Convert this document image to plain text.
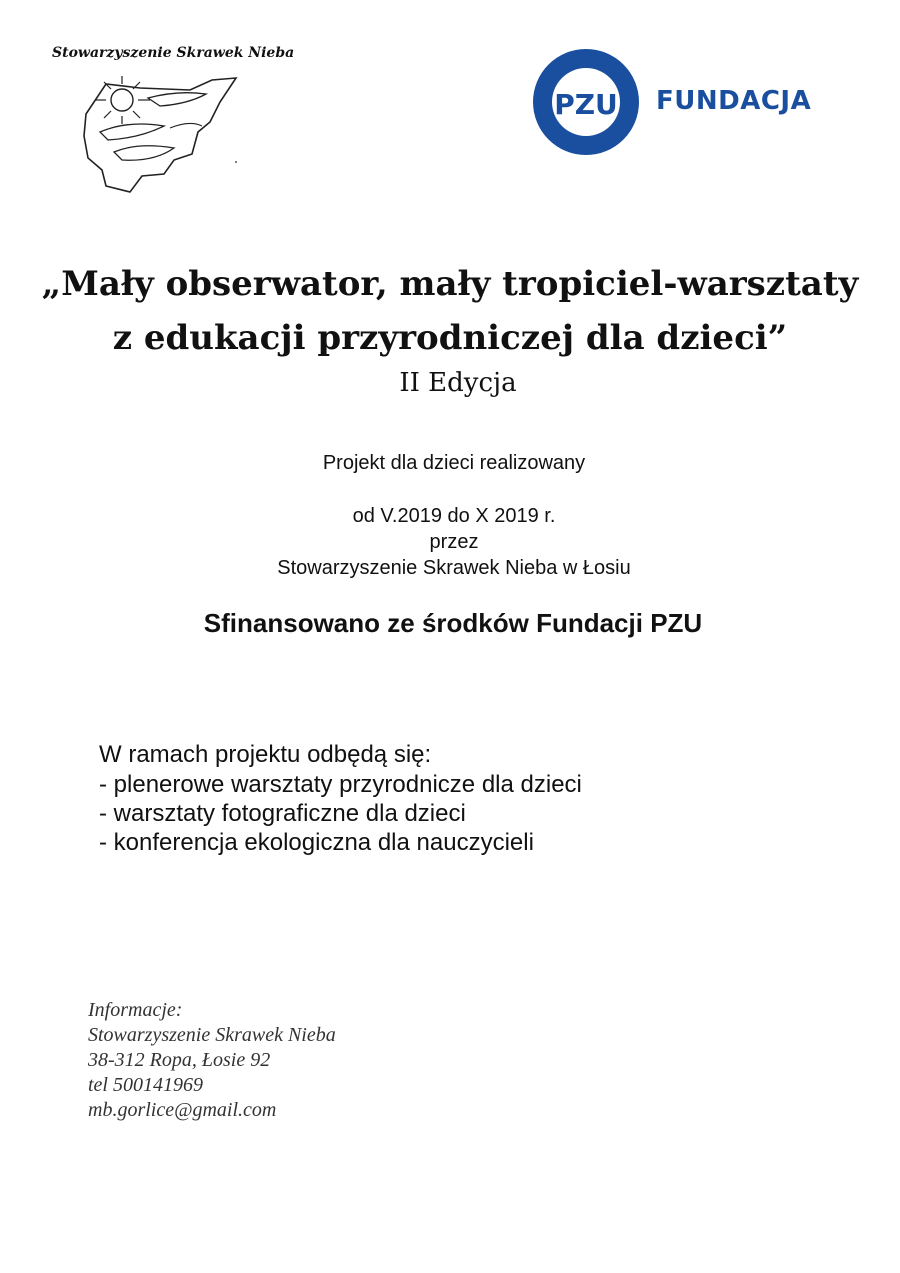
Stowarzyszenie Skrawek Nieba
PZU FUNDACJA
„Mały obserwator, mały tropiciel-warsztaty
z edukacji przyrodniczej dla dzieci”
II Edycja
Projekt dla dzieci realizowany
od V.2019 do X 2019 r.
przez
Stowarzyszenie Skrawek Nieba w Łosiu
Sfinansowano ze środków Fundacji PZU
W ramach projektu odbędą się:
- plenerowe warsztaty przyrodnicze dla dzieci
- warsztaty fotograficzne dla dzieci
- konferencja ekologiczna dla nauczycieli
Informacje:
Stowarzyszenie Skrawek Nieba
38-312 Ropa, Łosie 92
tel 500141969
mb.gorlice@gmail.com
